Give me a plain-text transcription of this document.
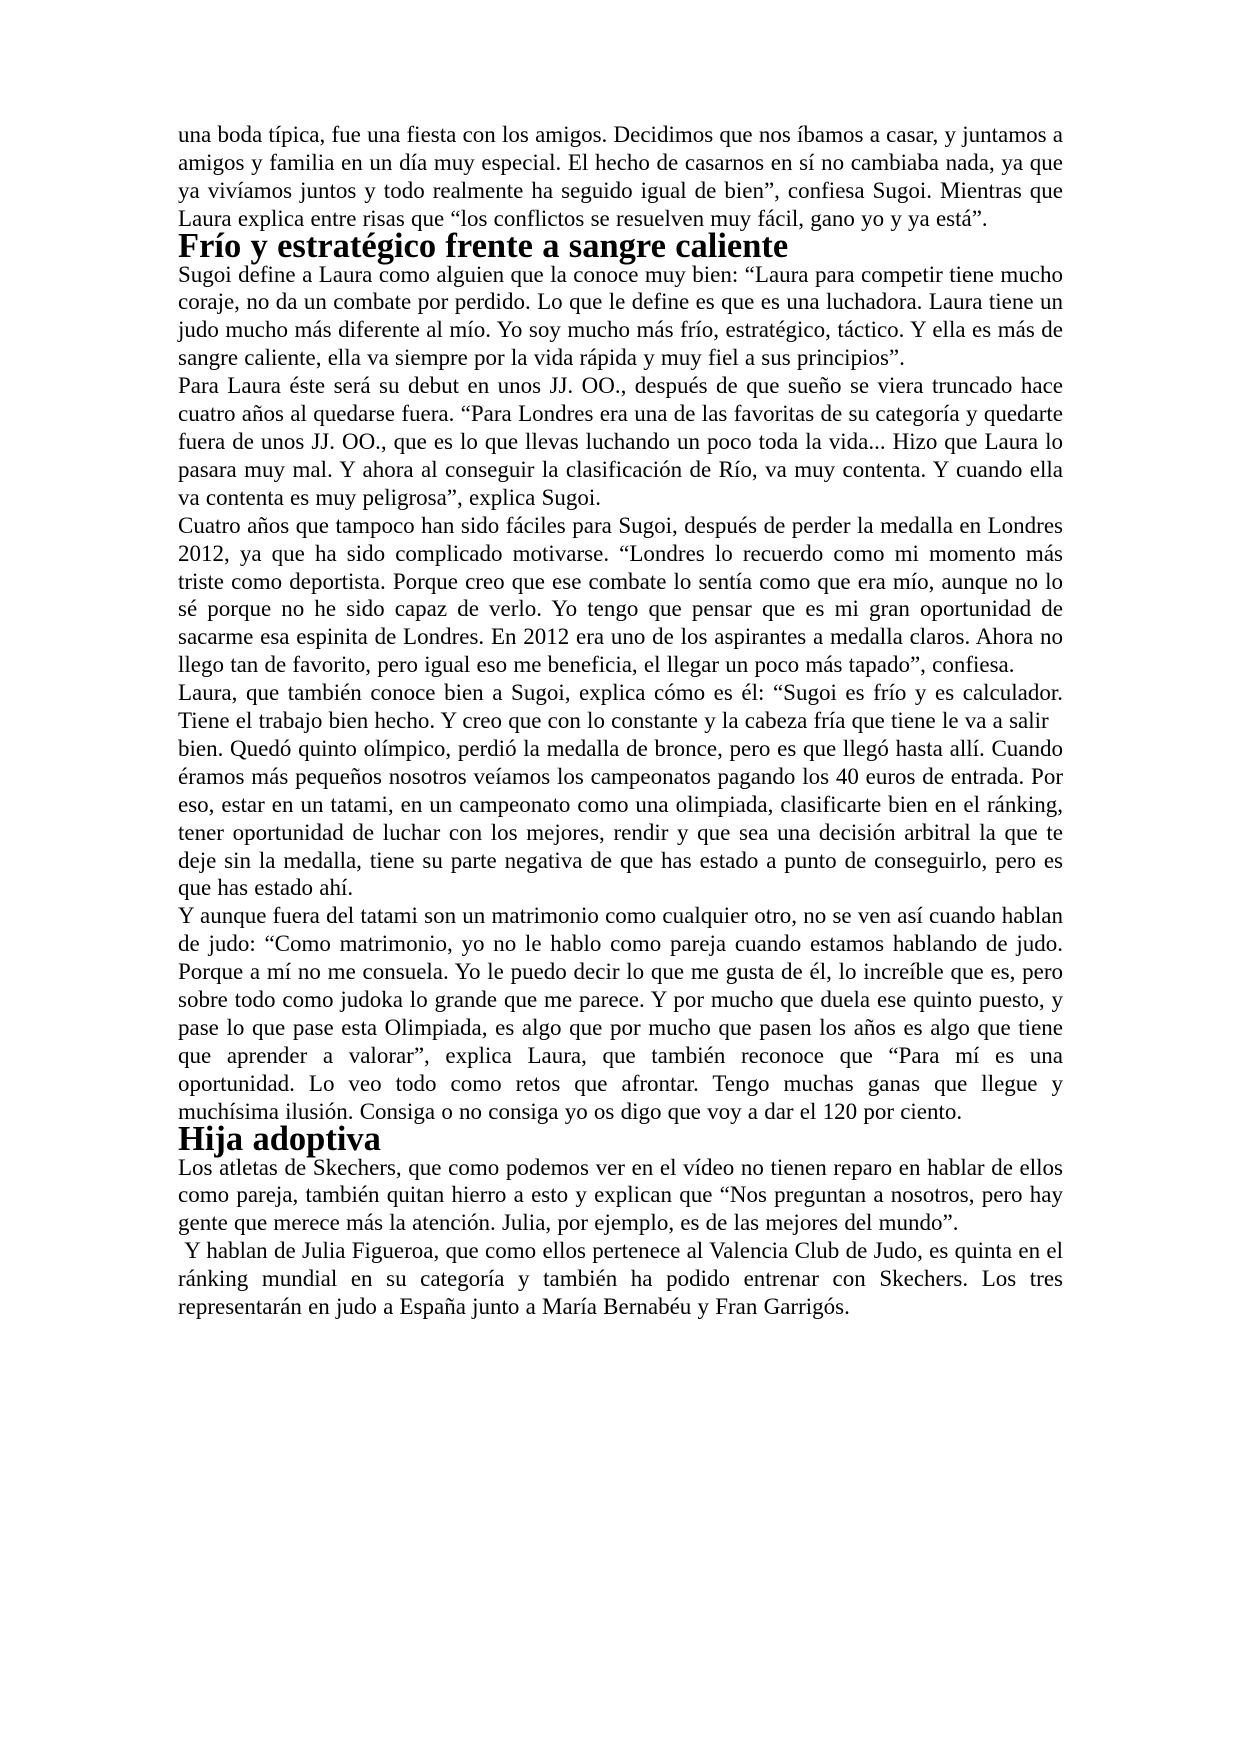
una boda típica, fue una fiesta con los amigos. Decidimos que nos íbamos a casar, y juntamos a amigos y familia en un día muy especial. El hecho de casarnos en sí no cambiaba nada, ya que ya vivíamos juntos y todo realmente ha seguido igual de bien”, confiesa Sugoi. Mientras que Laura explica entre risas que “los conflictos se resuelven muy fácil, gano yo y ya está”.

Frío y estratégico frente a sangre caliente

Sugoi define a Laura como alguien que la conoce muy bien: “Laura para competir tiene mucho coraje, no da un combate por perdido. Lo que le define es que es una luchadora. Laura tiene un judo mucho más diferente al mío. Yo soy mucho más frío, estratégico, táctico. Y ella es más de sangre caliente, ella va siempre por la vida rápida y muy fiel a sus principios”.

Para Laura éste será su debut en unos JJ. OO., después de que sueño se viera truncado hace cuatro años al quedarse fuera. “Para Londres era una de las favoritas de su categoría y quedarte fuera de unos JJ. OO., que es lo que llevas luchando un poco toda la vida... Hizo que Laura lo pasara muy mal. Y ahora al conseguir la clasificación de Río, va muy contenta. Y cuando ella va contenta es muy peligrosa”, explica Sugoi.

Cuatro años que tampoco han sido fáciles para Sugoi, después de perder la medalla en Londres 2012, ya que ha sido complicado motivarse. “Londres lo recuerdo como mi momento más triste como deportista. Porque creo que ese combate lo sentía como que era mío, aunque no lo sé porque no he sido capaz de verlo. Yo tengo que pensar que es mi gran oportunidad de sacarme esa espinita de Londres. En 2012 era uno de los aspirantes a medalla claros. Ahora no llego tan de favorito, pero igual eso me beneficia, el llegar un poco más tapado”, confiesa.

Laura, que también conoce bien a Sugoi, explica cómo es él: “Sugoi es frío y es calculador. Tiene el trabajo bien hecho. Y creo que con lo constante y la cabeza fría que tiene le va a salir

bien. Quedó quinto olímpico, perdió la medalla de bronce, pero es que llegó hasta allí. Cuando éramos más pequeños nosotros veíamos los campeonatos pagando los 40 euros de entrada. Por eso, estar en un tatami, en un campeonato como una olimpiada, clasificarte bien en el ránking, tener oportunidad de luchar con los mejores, rendir y que sea una decisión arbitral la que te deje sin la medalla, tiene su parte negativa de que has estado a punto de conseguirlo, pero es que has estado ahí.

Y aunque fuera del tatami son un matrimonio como cualquier otro, no se ven así cuando hablan de judo: “Como matrimonio, yo no le hablo como pareja cuando estamos hablando de judo. Porque a mí no me consuela. Yo le puedo decir lo que me gusta de él, lo increíble que es, pero sobre todo como judoka lo grande que me parece. Y por mucho que duela ese quinto puesto, y pase lo que pase esta Olimpiada, es algo que por mucho que pasen los años es algo que tiene que aprender a valorar”, explica Laura, que también reconoce que “Para mí es una oportunidad. Lo veo todo como retos que afrontar. Tengo muchas ganas que llegue y muchísima ilusión. Consiga o no consiga yo os digo que voy a dar el 120 por ciento.

Hija adoptiva

Los atletas de Skechers, que como podemos ver en el vídeo no tienen reparo en hablar de ellos como pareja, también quitan hierro a esto y explican que “Nos preguntan a nosotros, pero hay gente que merece más la atención. Julia, por ejemplo, es de las mejores del mundo”.

Y hablan de Julia Figueroa, que como ellos pertenece al Valencia Club de Judo, es quinta en el ránking mundial en su categoría y también ha podido entrenar con Skechers. Los tres representarán en judo a España junto a María Bernabéu y Fran Garrigós.
